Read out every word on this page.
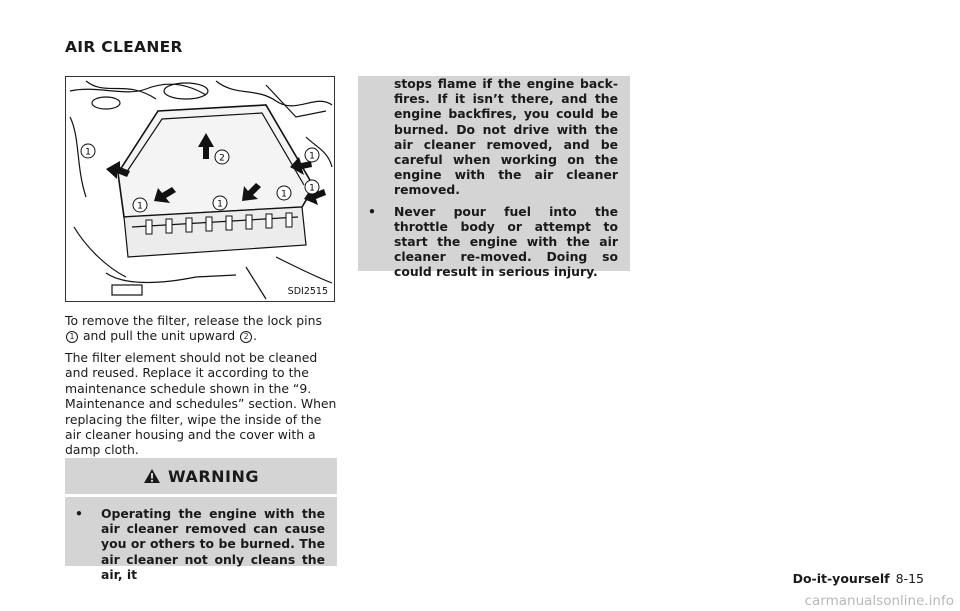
AIR CLEANER
1
2	1
1	1
1
1
SDI2515

To remove the filter, release the lock pins 1 and pull the unit upward 2 .

The filter element should not be cleaned and reused. Replace it according to the maintenance schedule shown in the “9. Maintenance and schedules” section. When replacing the filter, wipe the inside of the air cleaner housing and the cover with a damp cloth.

WARNING
•	Operating the engine with the air cleaner removed can cause you or others to be burned. The air cleaner not only cleans the air, it
stops flame if the engine back-fires. If it isn’t there, and the engine backfires, you could be burned. Do not drive with the air cleaner removed, and be careful when working on the engine with the air cleaner removed.
•	Never pour fuel into the throttle body or attempt to start the engine with the air cleaner re-moved. Doing so could result in serious injury.
Do-it-yourself 8-15
carmanualsonline.info
